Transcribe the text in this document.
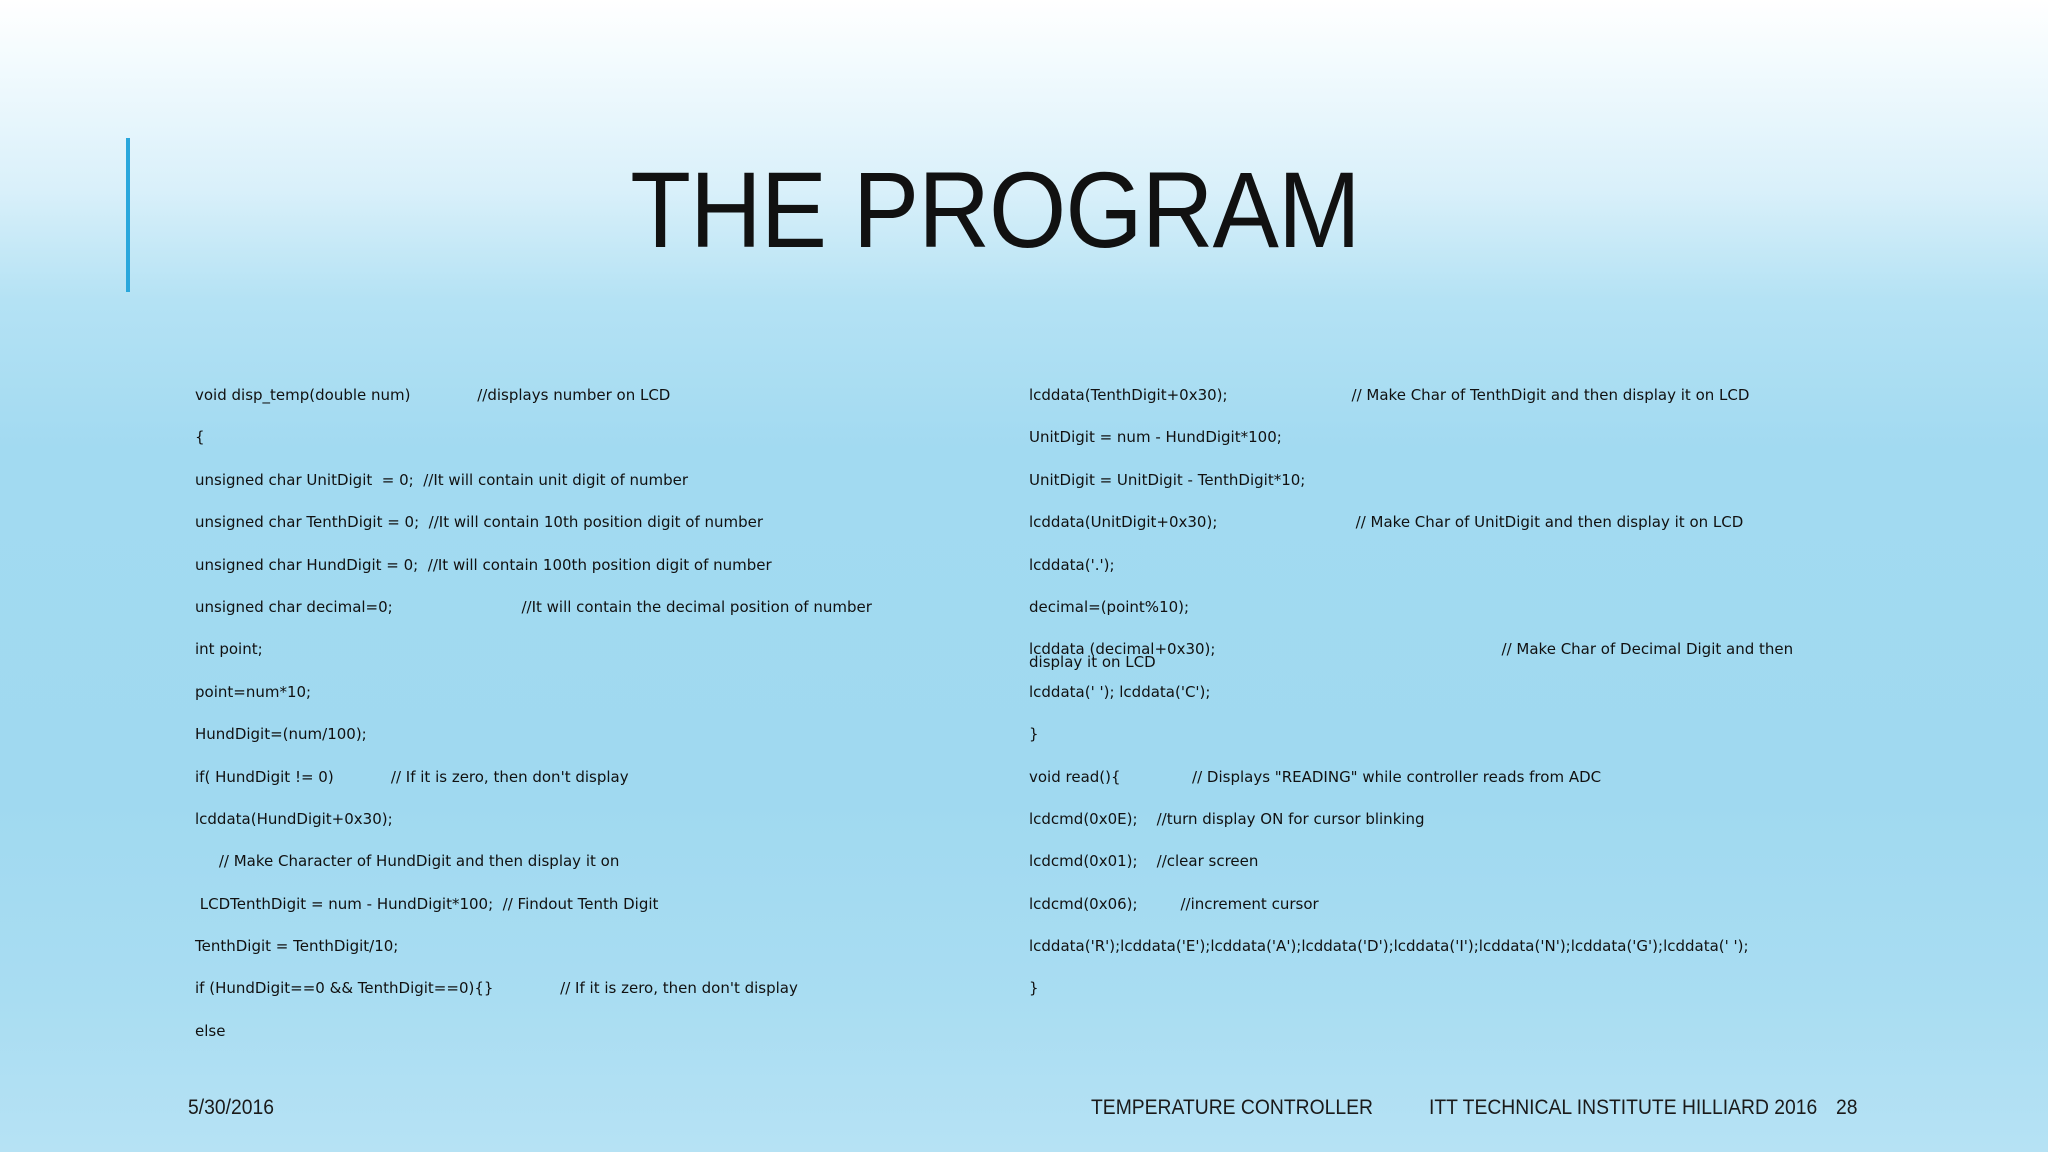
THE PROGRAM
void disp_temp(double num)              //displays number on LCD
{
unsigned char UnitDigit  = 0;  //It will contain unit digit of number
unsigned char TenthDigit = 0;  //It will contain 10th position digit of number
unsigned char HundDigit = 0;  //It will contain 100th position digit of number
unsigned char decimal=0;                           //It will contain the decimal position of number
int point;
point=num*10;
HundDigit=(num/100);
if( HundDigit != 0)            // If it is zero, then don't display
lcddata(HundDigit+0x30);
// Make Character of HundDigit and then display it on
LCDTenthDigit = num - HundDigit*100;  // Findout Tenth Digit
TenthDigit = TenthDigit/10;
if (HundDigit==0 && TenthDigit==0){}              // If it is zero, then don't display
else
lcddata(TenthDigit+0x30);                          // Make Char of TenthDigit and then display it on LCD
UnitDigit = num - HundDigit*100;
UnitDigit = UnitDigit - TenthDigit*10;
lcddata(UnitDigit+0x30);                             // Make Char of UnitDigit and then display it on LCD
lcddata('.');
decimal=(point%10);
lcddata (decimal+0x30);                                                            // Make Char of Decimal Digit and then display it on LCD
lcddata(' '); lcddata('C');
}
void read(){               // Displays "READING" while controller reads from ADC
lcdcmd(0x0E);    //turn display ON for cursor blinking
lcdcmd(0x01);    //clear screen
lcdcmd(0x06);         //increment cursor
lcddata('R');lcddata('E');lcddata('A');lcddata('D');lcddata('I');lcddata('N');lcddata('G');lcddata(' ');
}
5/30/2016	TEMPERATURE CONTROLLER	ITT TECHNICAL INSTITUTE HILLIARD 2016 28
